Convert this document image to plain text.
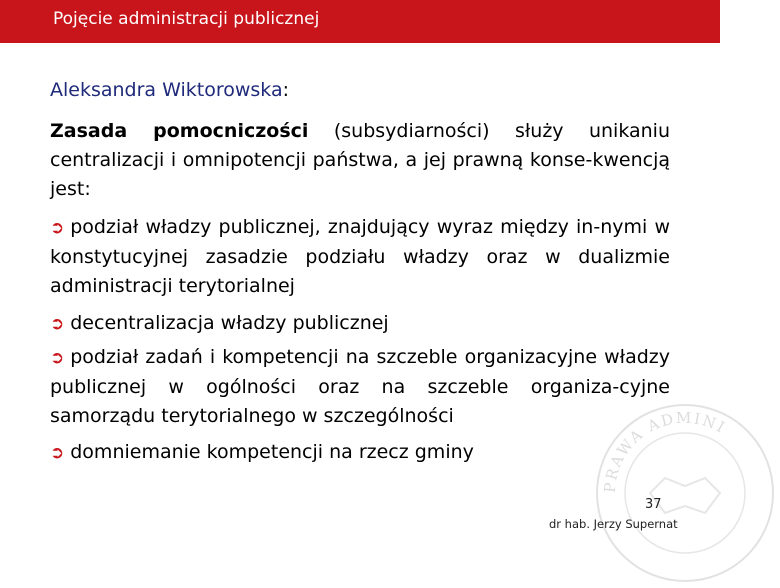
Pojęcie administracji publicznej
Aleksandra Wiktorowska:

Zasada pomocniczości (subsydiarności) służy unikaniu centralizacji i omnipotencji państwa, a jej prawną konse-kwencją jest:

➲ podział władzy publicznej, znajdujący wyraz między in-nymi w konstytucyjnej zasadzie podziału władzy oraz w dualizmie administracji terytorialnej

➲ decentralizacja władzy publicznej

➲ podział zadań i kompetencji na szczeble organizacyjne władzy publicznej w ogólności oraz na szczeble organiza-cyjne samorządu terytorialnego w szczególności

➲ domniemanie kompetencji na rzecz gminy

PRAWA ADMINI
37
dr hab. Jerzy Supernat
